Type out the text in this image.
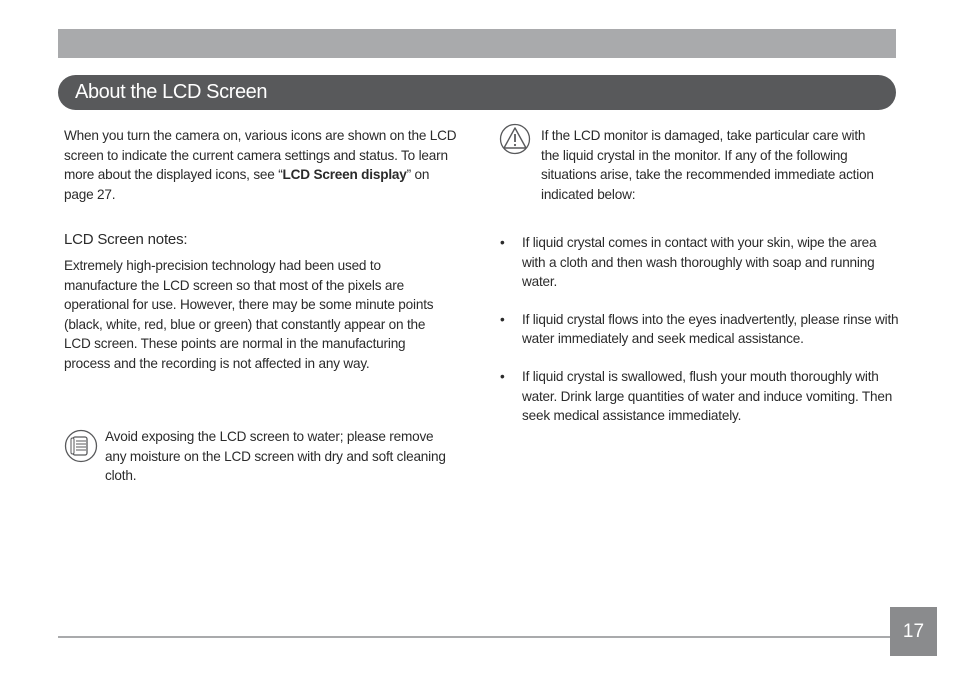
About the LCD Screen

When you turn the camera on, various icons are shown on the LCD screen to indicate the current camera settings and status. To learn more about the displayed icons, see “LCD Screen display” on page 27.

LCD Screen notes:

Extremely high-precision technology had been used to manufacture the LCD screen so that most of the pixels are operational for use. However, there may be some minute points (black, white, red, blue or green) that constantly appear on the LCD screen. These points are normal in the manufacturing process and the recording is not affected in any way.

Avoid exposing the LCD screen to water; please remove any moisture on the LCD screen with dry and soft cleaning cloth.

If the LCD monitor is damaged, take particular care with the liquid crystal in the monitor. If any of the following situations arise, take the recommended immediate action indicated below:

• If liquid crystal comes in contact with your skin, wipe the area with a cloth and then wash thoroughly with soap and running water.
• If liquid crystal flows into the eyes inadvertently, please rinse with water immediately and seek medical assistance.
• If liquid crystal is swallowed, flush your mouth thoroughly with water. Drink large quantities of water and induce vomiting. Then seek medical assistance immediately.
17
